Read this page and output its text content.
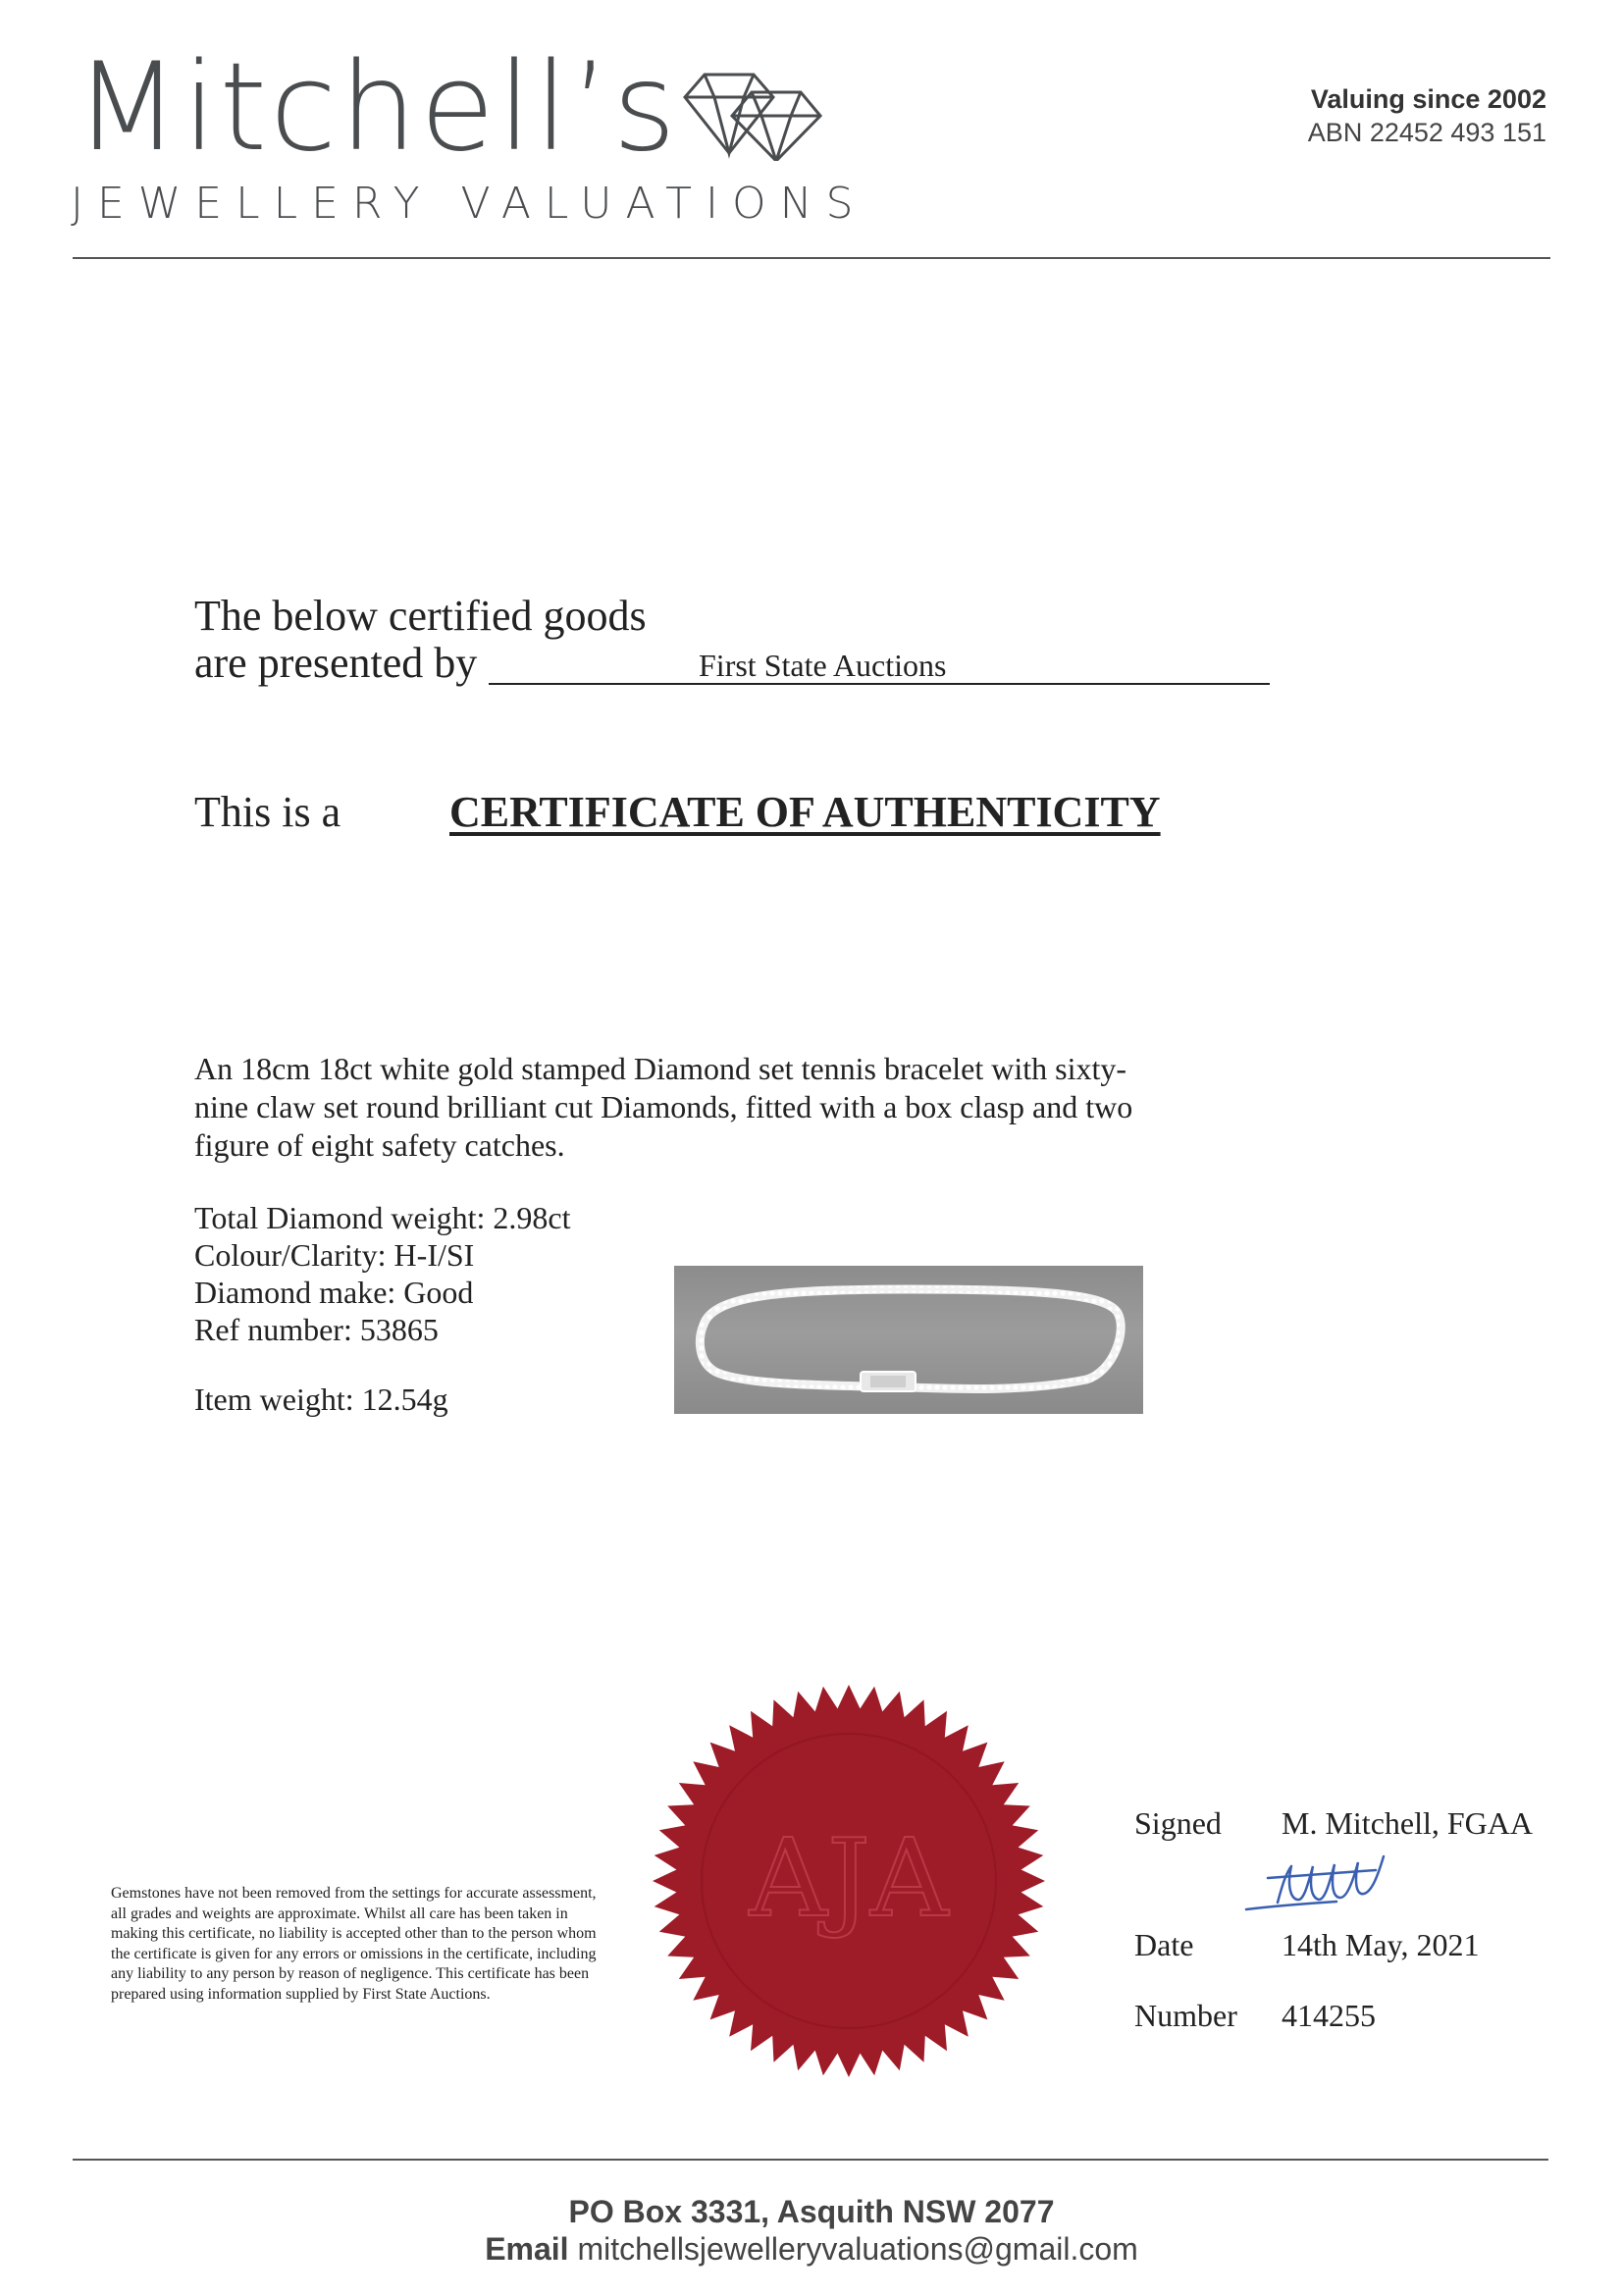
Mitchell’s
JEWELLERY VALUATIONS
Valuing since 2002
ABN 22452 493 151
The below certified goods
are presented by	First State Auctions
This is a	CERTIFICATE OF AUTHENTICITY
An 18cm 18ct white gold stamped Diamond set tennis bracelet with sixty-nine claw set round brilliant cut Diamonds, fitted with a box clasp and two figure of eight safety catches.
Total Diamond weight: 2.98ct
Colour/Clarity: H-I/SI
Diamond make: Good
Ref number: 53865
Item weight: 12.54g
Gemstones have not been removed from the settings for accurate assessment, all grades and weights are approximate. Whilst all care has been taken in making this certificate, no liability is accepted other than to the person whom the certificate is given for any errors or omissions in the certificate, including any liability to any person by reason of negligence. This certificate has been prepared using information supplied by First State Auctions.
AJA	Signed M. Mitchell, FGAA
Date	14th May, 2021
Number 414255
PO Box 3331, Asquith NSW 2077
Email mitchellsjewelleryvaluations@gmail.com
